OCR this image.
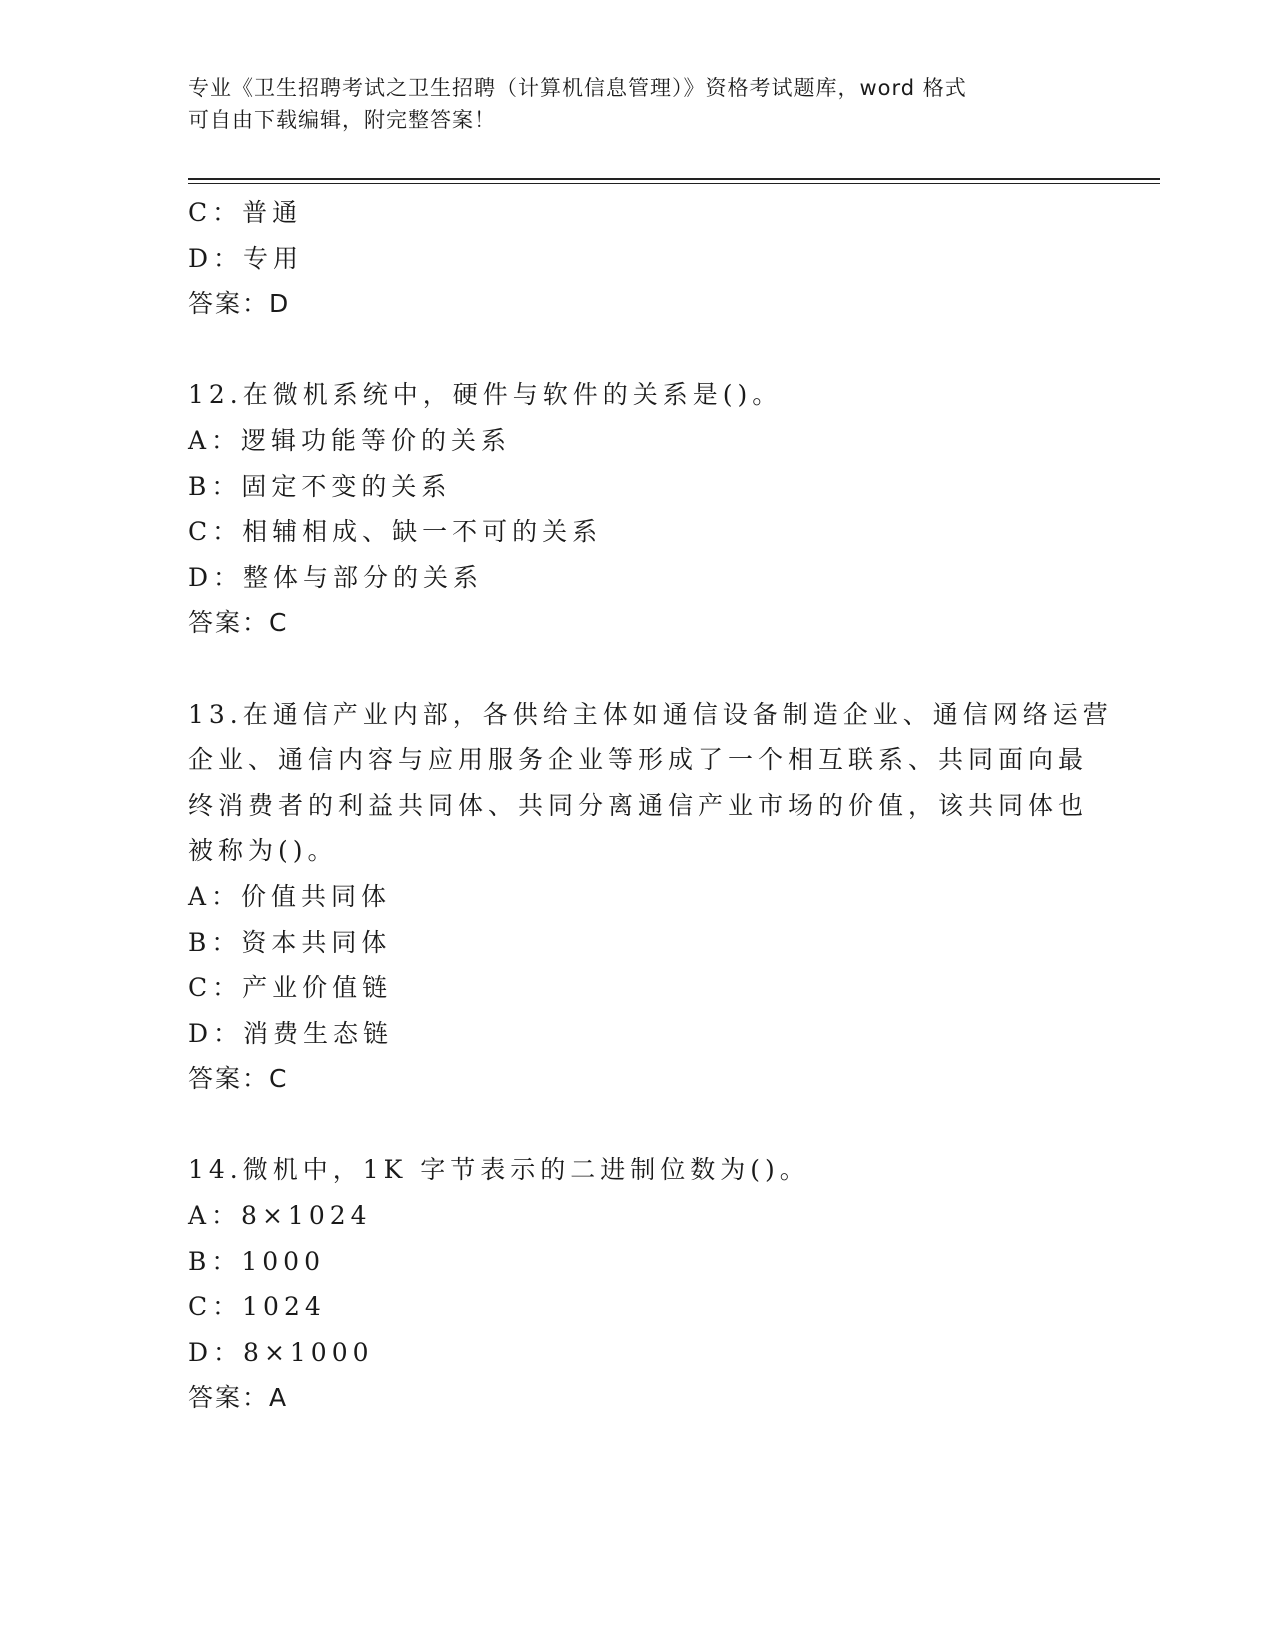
专业《卫生招聘考试之卫生招聘（计算机信息管理）》资格考试题库，word 格式
可自由下载编辑，附完整答案！
C：普通
D：专用
答案：D
12.在微机系统中，硬件与软件的关系是()。
A：逻辑功能等价的关系
B：固定不变的关系
C：相辅相成、缺一不可的关系
D：整体与部分的关系
答案：C
13.在通信产业内部，各供给主体如通信设备制造企业、通信网络运营
企业、通信内容与应用服务企业等形成了一个相互联系、共同面向最
终消费者的利益共同体、共同分离通信产业市场的价值，该共同体也
被称为()。
A：价值共同体
B：资本共同体
C：产业价值链
D：消费生态链
答案：C
14.微机中，1K 字节表示的二进制位数为()。
A：8×1024
B：1000
C：1024
D：8×1000
答案：A
